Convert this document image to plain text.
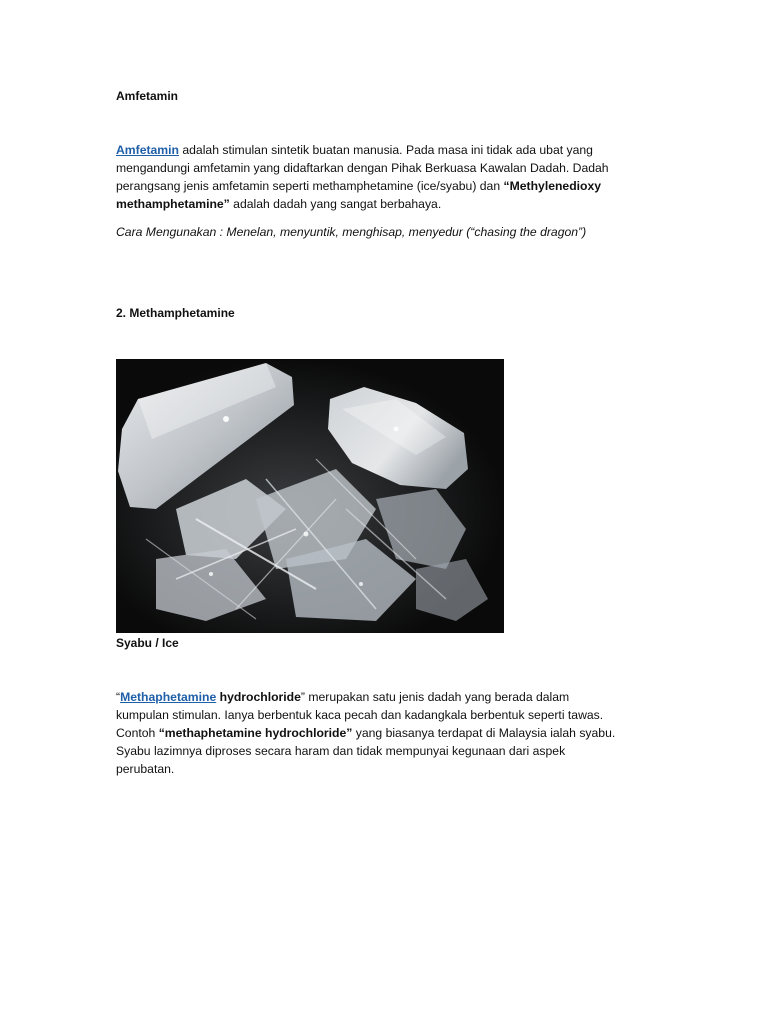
Amfetamin

Amfetamin adalah stimulan sintetik buatan manusia. Pada masa ini tidak ada ubat yang
mengandungi amfetamin yang didaftarkan dengan Pihak Berkuasa Kawalan Dadah. Dadah
perangsang jenis amfetamin seperti methamphetamine (ice/syabu) dan “Methylenedioxy
methamphetamine” adalah dadah yang sangat berbahaya.

Cara Mengunakan : Menelan, menyuntik, menghisap, menyedur (“chasing the dragon”)

2. Methamphetamine

Syabu / Ice

“Methaphetamine hydrochloride” merupakan satu jenis dadah yang berada dalam
kumpulan stimulan. Ianya berbentuk kaca pecah dan kadangkala berbentuk seperti tawas.
Contoh “methaphetamine hydrochloride” yang biasanya terdapat di Malaysia ialah syabu.
Syabu lazimnya diproses secara haram dan tidak mempunyai kegunaan dari aspek
perubatan.
